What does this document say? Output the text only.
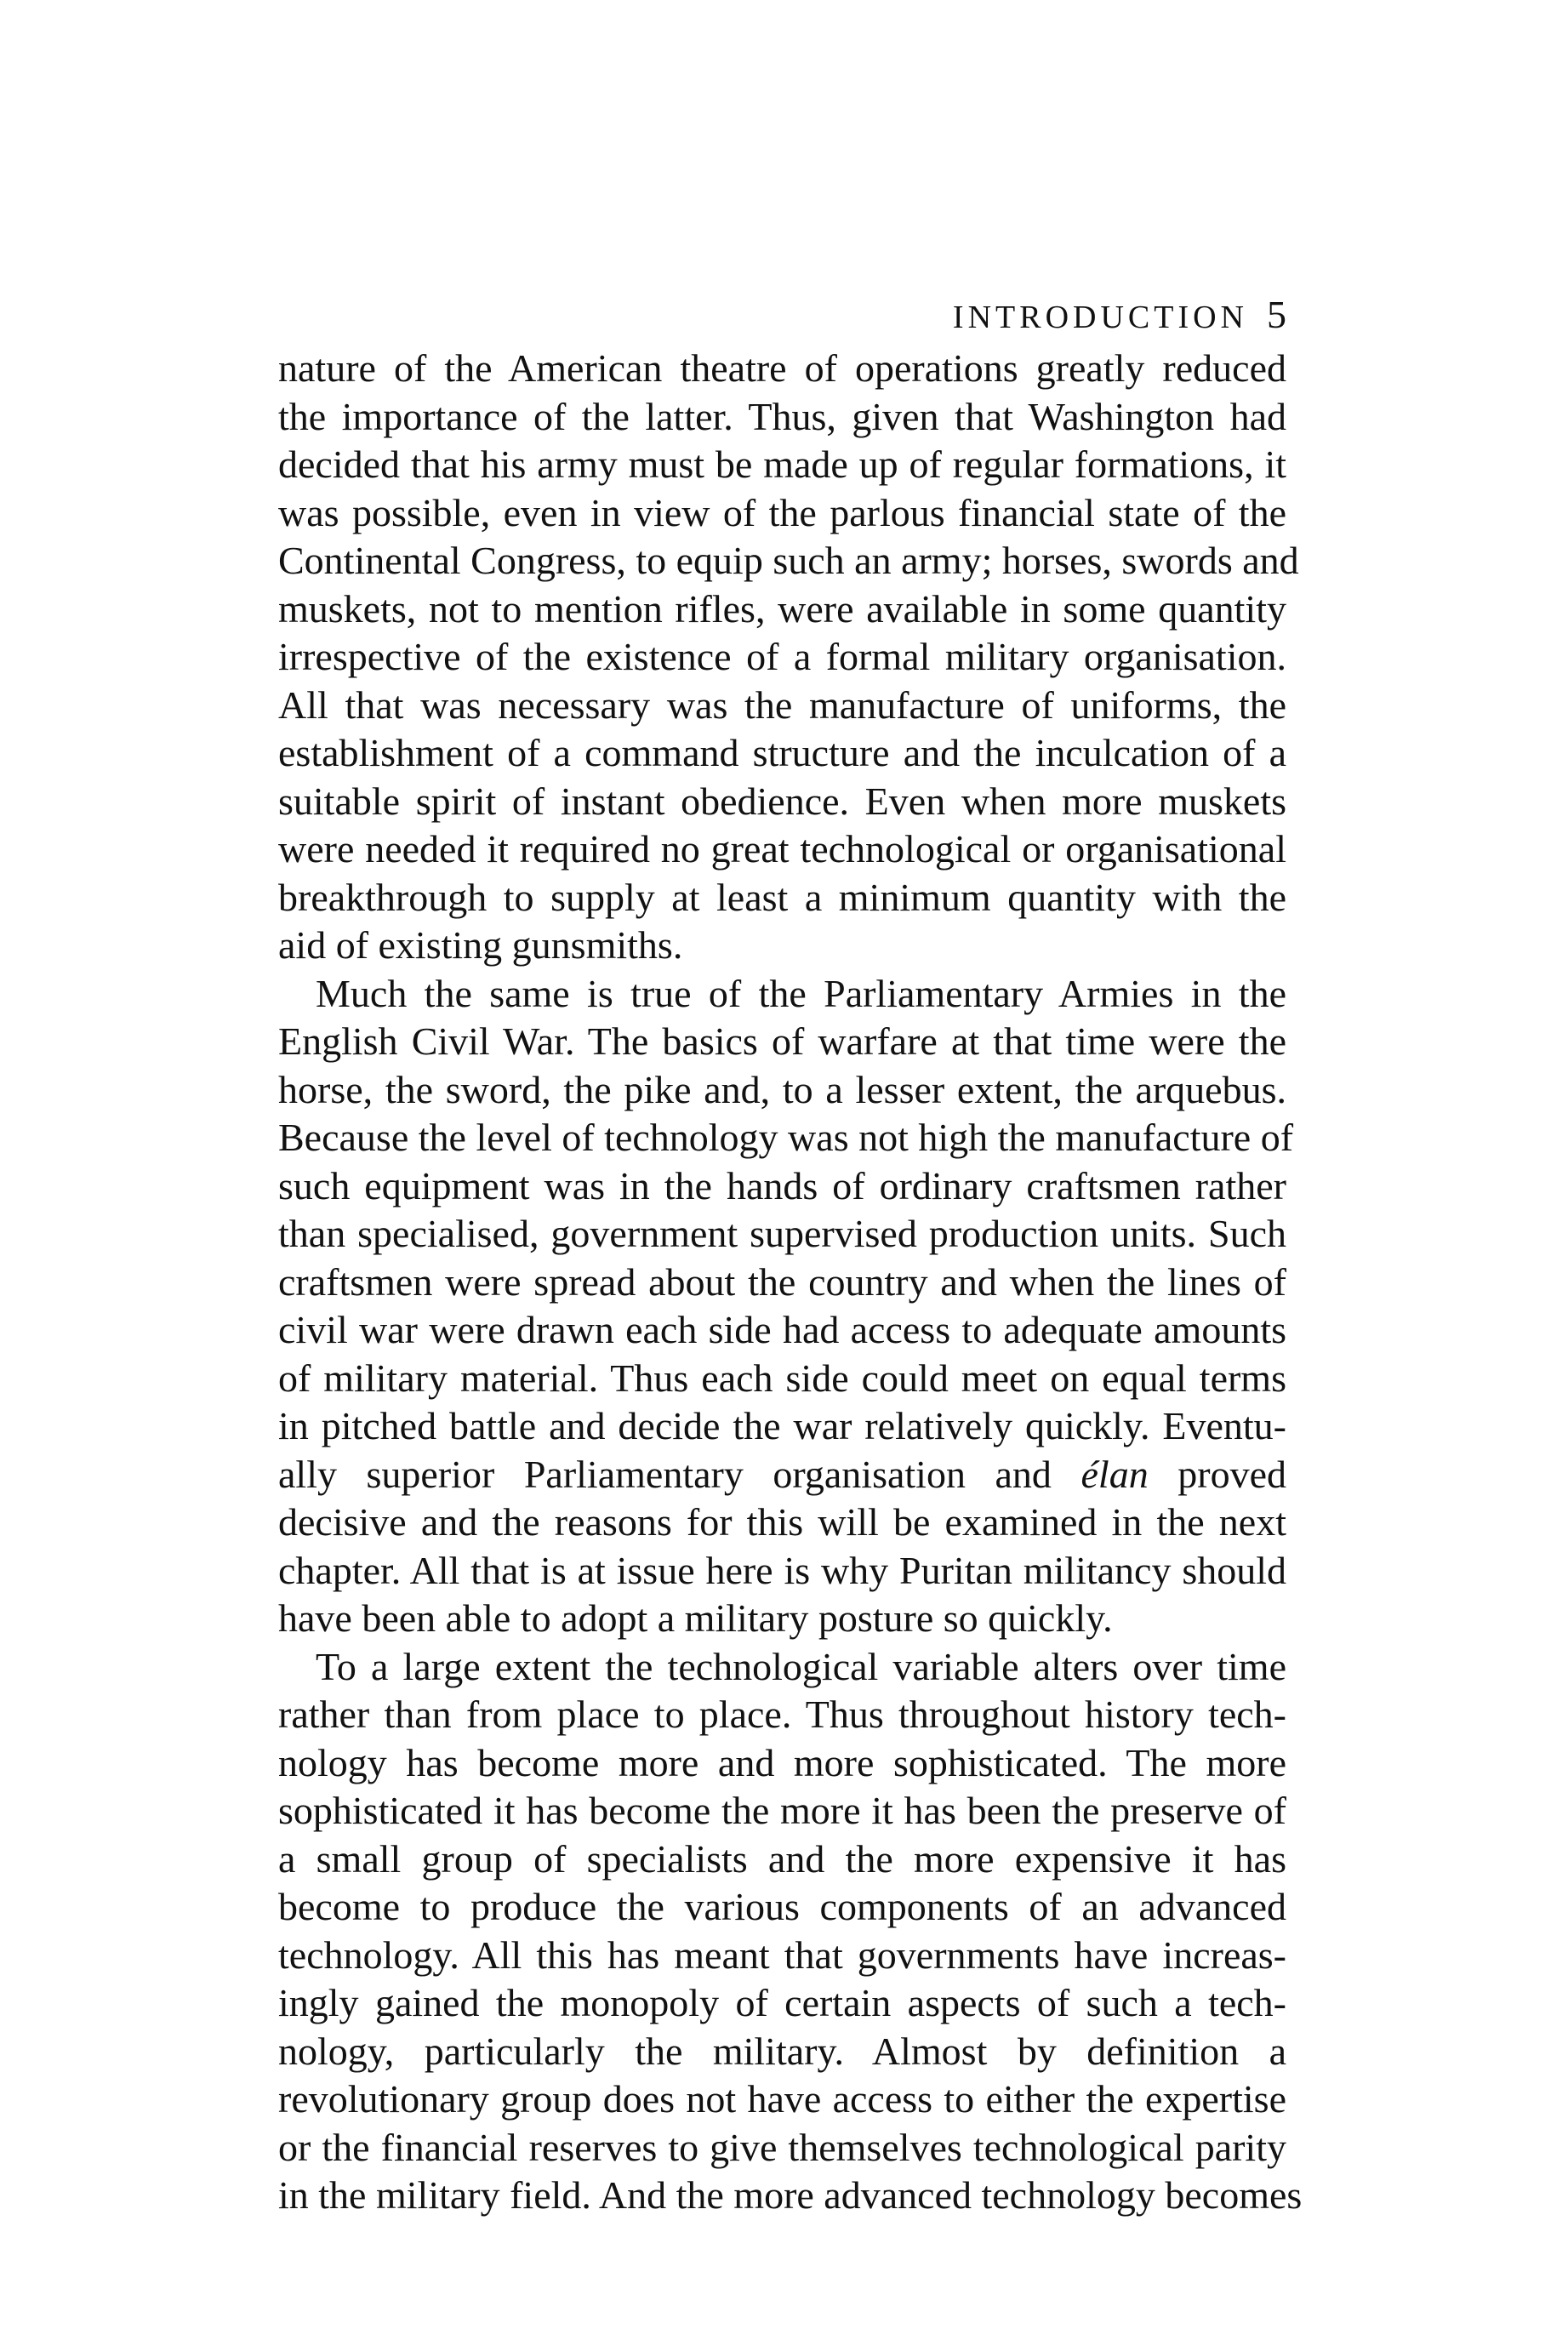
INTRODUCTION 5
nature of the American theatre of operations greatly reduced
the importance of the latter. Thus, given that Washington had
decided that his army must be made up of regular formations, it
was possible, even in view of the parlous financial state of the
Continental Congress, to equip such an army; horses, swords and
muskets, not to mention rifles, were available in some quantity
irrespective of the existence of a formal military organisation.
All that was necessary was the manufacture of uniforms, the
establishment of a command structure and the inculcation of a
suitable spirit of instant obedience. Even when more muskets
were needed it required no great technological or organisational
breakthrough to supply at least a minimum quantity with the
aid of existing gunsmiths.
Much the same is true of the Parliamentary Armies in the
English Civil War. The basics of warfare at that time were the
horse, the sword, the pike and, to a lesser extent, the arquebus.
Because the level of technology was not high the manufacture of
such equipment was in the hands of ordinary craftsmen rather
than specialised, government supervised production units. Such
craftsmen were spread about the country and when the lines of
civil war were drawn each side had access to adequate amounts
of military material. Thus each side could meet on equal terms
in pitched battle and decide the war relatively quickly. Eventu-
ally superior Parliamentary organisation and élan proved
decisive and the reasons for this will be examined in the next
chapter. All that is at issue here is why Puritan militancy should
have been able to adopt a military posture so quickly.
To a large extent the technological variable alters over time
rather than from place to place. Thus throughout history tech-
nology has become more and more sophisticated. The more
sophisticated it has become the more it has been the preserve of
a small group of specialists and the more expensive it has
become to produce the various components of an advanced
technology. All this has meant that governments have increas-
ingly gained the monopoly of certain aspects of such a tech-
nology, particularly the military. Almost by definition a
revolutionary group does not have access to either the expertise
or the financial reserves to give themselves technological parity
in the military field. And the more advanced technology becomes
